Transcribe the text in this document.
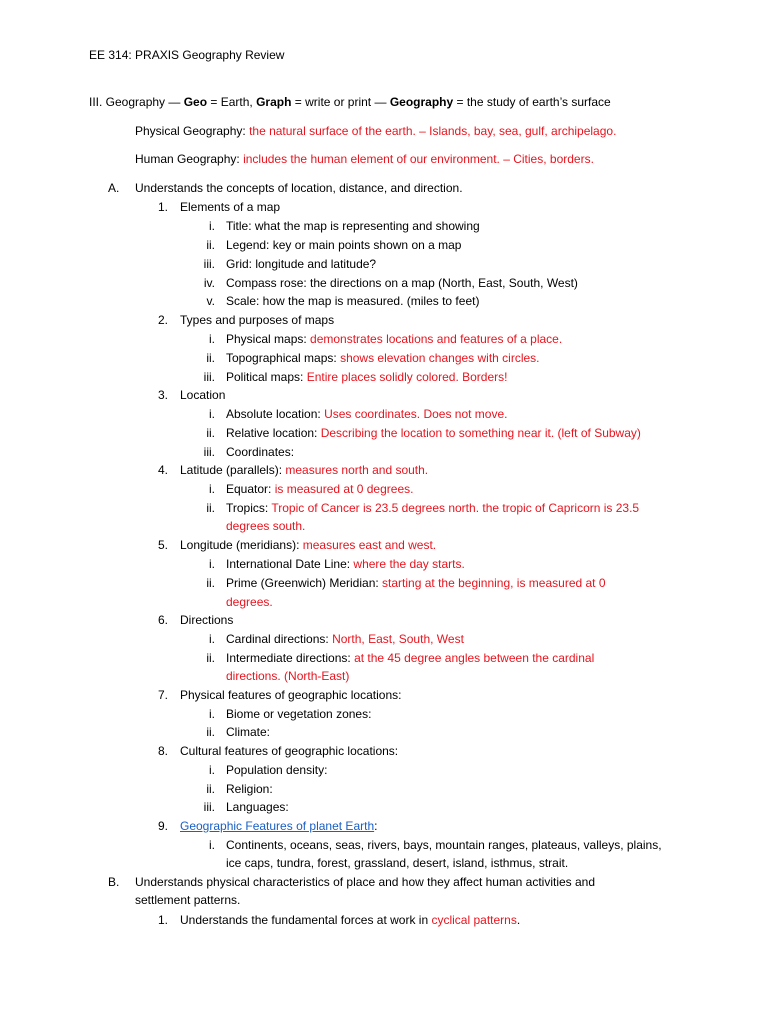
EE 314: PRAXIS Geography Review
III. Geography — Geo = Earth, Graph = write or print — Geography = the study of earth’s surface
Physical Geography: the natural surface of the earth. – Islands, bay, sea, gulf, archipelago.
Human Geography: includes the human element of our environment. – Cities, borders.
A. Understands the concepts of location, distance, and direction.
1. Elements of a map
i. Title: what the map is representing and showing
ii. Legend: key or main points shown on a map
iii. Grid: longitude and latitude?
iv. Compass rose: the directions on a map (North, East, South, West)
v. Scale: how the map is measured. (miles to feet)
2. Types and purposes of maps
i. Physical maps: demonstrates locations and features of a place.
ii. Topographical maps: shows elevation changes with circles.
iii. Political maps: Entire places solidly colored. Borders!
3. Location
i. Absolute location: Uses coordinates. Does not move.
ii. Relative location: Describing the location to something near it. (left of Subway)
iii. Coordinates:
4. Latitude (parallels): measures north and south.
i. Equator: is measured at 0 degrees.
ii. Tropics: Tropic of Cancer is 23.5 degrees north. the tropic of Capricorn is 23.5
degrees south.
5. Longitude (meridians): measures east and west.
i. International Date Line: where the day starts.
ii. Prime (Greenwich) Meridian: starting at the beginning, is measured at 0
degrees.
6. Directions
i. Cardinal directions: North, East, South, West
ii. Intermediate directions: at the 45 degree angles between the cardinal
directions. (North-East)
7. Physical features of geographic locations:
i. Biome or vegetation zones:
ii. Climate:
8. Cultural features of geographic locations:
i. Population density:
ii. Religion:
iii. Languages:
9. Geographic Features of planet Earth:
i. Continents, oceans, seas, rivers, bays, mountain ranges, plateaus, valleys, plains,
ice caps, tundra, forest, grassland, desert, island, isthmus, strait.
B. Understands physical characteristics of place and how they affect human activities and
settlement patterns.
1. Understands the fundamental forces at work in cyclical patterns.
